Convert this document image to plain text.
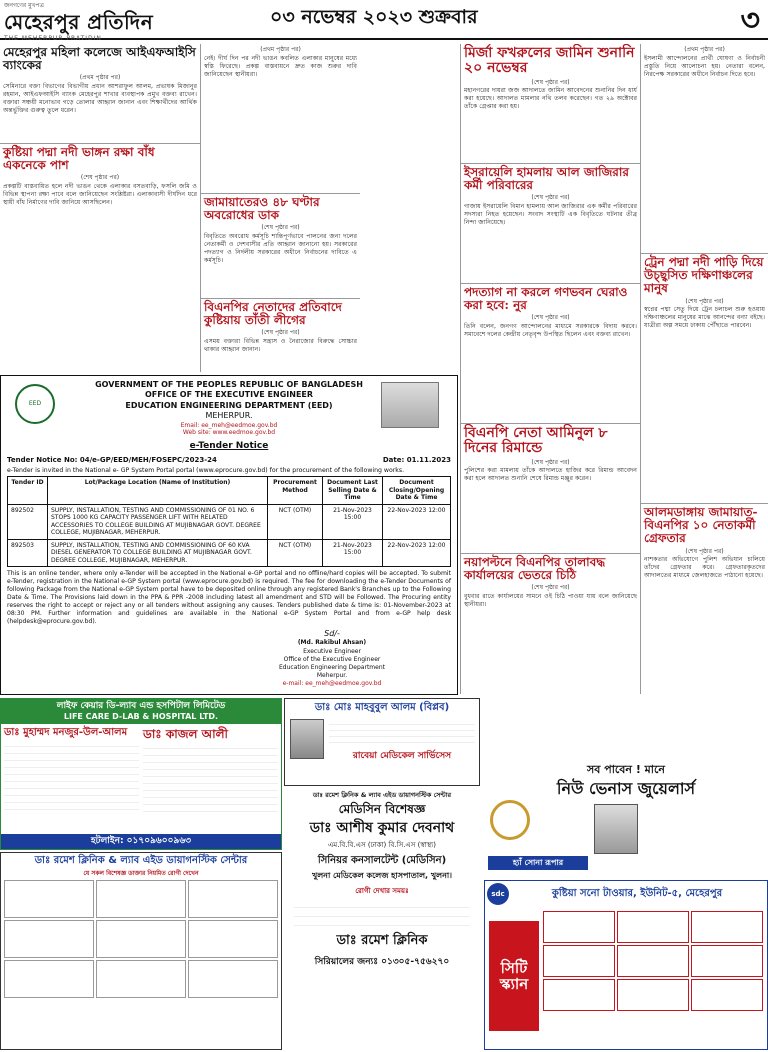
জনগণের মুখপত্র
মেহেরপুর প্রতিদিন
THE MEHERPUR PRATIDIN
০৩ নভেম্বর ২০২৩ শুক্রবার	৩
মেহেরপুর মহিলা কলেজে আইএফআইসি ব্যাংকের
(প্রথম পৃষ্ঠার পর)
সেমিনারে বক্তা বিভাগের বিভাগীয় প্রধান আশরাফুল আলম, প্রভাষক মিজানুর রহমান, আইএফআইসি ব্যাংক মেহেরপুর শাখার ব্যবস্থাপক প্রমুখ বক্তব্য রাখেন। বক্তারা সঞ্চয়ী মনোভাব গড়ে তোলার আহ্বান জানান এবং শিক্ষার্থীদের আর্থিক অন্তর্ভুক্তির গুরুত্ব তুলে ধরেন।
কুষ্টিয়া পদ্মা নদী ভাঙ্গন রক্ষা বাঁধ একনেকে পাশ
(শেষ পৃষ্ঠার পর)
প্রকল্পটি বাস্তবায়িত হলে নদী ভাঙন থেকে এলাকার বসতবাড়ি, ফসলি জমি ও বিভিন্ন স্থাপনা রক্ষা পাবে বলে জানিয়েছেন সংশ্লিষ্টরা। এলাকাবাসী দীর্ঘদিন ধরে স্থায়ী বাঁধ নির্মাণের দাবি জানিয়ে আসছিলেন।
(প্রথম পৃষ্ঠার পর)
নেই। দীর্ঘ দিন পর নদী ভাঙন কবলিত এলাকার মানুষের মধ্যে স্বস্তি ফিরেছে। প্রকল্প বাস্তবায়নে দ্রুত কাজ শুরুর দাবি জানিয়েছেন স্থানীয়রা।
জামায়াতেরও ৪৮ ঘণ্টার অবরোধের ডাক
(শেষ পৃষ্ঠার পর)
বিবৃতিতে অবরোধ কর্মসূচি শান্তিপূর্ণভাবে পালনের জন্য দলের নেতাকর্মী ও দেশবাসীর প্রতি আহ্বান জানানো হয়। সরকারের পদত্যাগ ও নির্দলীয় সরকারের অধীনে নির্বাচনের দাবিতে এ কর্মসূচি।
বিএনপির নেতাদের প্রতিবাদে কুষ্টিয়ায় তাঁতী লীগের
(শেষ পৃষ্ঠার পর)
এসময় বক্তারা বিভিন্ন সন্ত্রাস ও নৈরাজ্যের বিরুদ্ধে সোচ্চার থাকার আহ্বান জানান।
মির্জা ফখরুলের জামিন শুনানি ২০ নভেম্বর
(শেষ পৃষ্ঠার পর)
মহানগরের দায়রা জজ আদালতে জামিন আবেদনের শুনানির দিন ধার্য করা হয়েছে। আদালত মামলার নথি তলব করেছেন। গত ২৯ অক্টোবর তাঁকে গ্রেপ্তার করা হয়।
ইসরায়েলি হামলায় আল জাজিরার কর্মী পরিবারের
(শেষ পৃষ্ঠার পর)
গাজায় ইসরায়েলি বিমান হামলায় আল জাজিরার এক কর্মীর পরিবারের সদস্যরা নিহত হয়েছেন। সংবাদ সংস্থাটি এক বিবৃতিতে ঘটনার তীব্র নিন্দা জানিয়েছে।
পদত্যাগ না করলে গণভবন ঘেরাও করা হবে: নুর
(শেষ পৃষ্ঠার পর)
তিনি বলেন, জনগণ আন্দোলনের মাধ্যমে সরকারকে বিদায় করবে। সমাবেশে দলের কেন্দ্রীয় নেতৃবৃন্দ উপস্থিত ছিলেন এবং বক্তব্য রাখেন।
বিএনপি নেতা আমিনুল ৮ দিনের রিমান্ডে
(শেষ পৃষ্ঠার পর)
পুলিশের করা মামলায় তাঁকে আদালতে হাজির করে রিমান্ড আবেদন করা হলে আদালত শুনানি শেষে রিমান্ড মঞ্জুর করেন।
নয়াপল্টনে বিএনপির তালাবদ্ধ কার্যালয়ের ভেতরে চিঠি
(শেষ পৃষ্ঠার পর)
বুধবার রাতে কার্যালয়ের সামনে ওই চিঠি পাওয়া যায় বলে জানিয়েছে স্থানীয়রা।
(প্রথম পৃষ্ঠার পর)
ইসলামী আন্দোলনের প্রার্থী ঘোষণা ও নির্বাচনী প্রস্তুতি নিয়ে আলোচনা হয়। নেতারা বলেন, নিরপেক্ষ সরকারের অধীনে নির্বাচন দিতে হবে।
ট্রেন পদ্মা নদী পাড়ি দিয়ে উচ্ছ্বসিত দক্ষিণাঞ্চলের মানুষ
(শেষ পৃষ্ঠার পর)
স্বপ্নের পদ্মা সেতু দিয়ে ট্রেন চলাচল শুরু হওয়ায় দক্ষিণাঞ্চলের মানুষের মাঝে আনন্দের বন্যা বইছে। যাত্রীরা অল্প সময়ে ঢাকায় পৌঁছাতে পারবেন।
আলমডাঙ্গায় জামায়াত-বিএনপির ১০ নেতাকর্মী গ্রেফতার
(শেষ পৃষ্ঠার পর)
নাশকতার অভিযোগে পুলিশ অভিযান চালিয়ে তাঁদের গ্রেফতার করে। গ্রেফতারকৃতদের আদালতের মাধ্যমে জেলহাজতে পাঠানো হয়েছে।
EED
GOVERNMENT OF THE PEOPLES REPUBLIC OF BANGLADESH
OFFICE OF THE EXECUTIVE ENGINEER
EDUCATION ENGINEERING DEPARTMENT (EED)
MEHERPUR.
Email: ee_meh@eedmoe.gov.bd
Web site: www.eedmoe.gov.bd
e-Tender Notice
Tender Notice No: 04/e-GP/EED/MEH/FOSEPC/2023-24	Date: 01.11.2023
e-Tender is invited in the National e- GP System Portal portal (www.eprocure.gov.bd) for the procurement of the following works.
Tender ID	Lot/Package Location (Name of Institution)	Procurement Method	Document Last Selling Date & Time	Document Closing/Opening Date & Time
892502	SUPPLY, INSTALLATION, TESTING AND COMMISSIONING OF 01 NO. 6 STOPS 1000 KG CAPACITY PASSENGER LIFT WITH RELATED ACCESSORIES TO COLLEGE BUILDING AT MUJIBNAGAR GOVT. DEGREE COLLEGE, MUJIBNAGAR, MEHERPUR.	NCT (OTM)	21-Nov-2023 15:00	22-Nov-2023 12:00
892503	SUPPLY, INSTALLATION, TESTING AND COMMISSIONING OF 60 KVA DIESEL GENERATOR TO COLLEGE BUILDING AT MUJIBNAGAR GOVT. DEGREE COLLEGE, MUJIBNAGAR, MEHERPUR.	NCT (OTM)	21-Nov-2023 15:00	22-Nov-2023 12:00
This is an online tender, where only e-Tender will be accepted in the National e-GP portal and no offline/hard copies will be accepted. To submit e-Tender, registration in the National e-GP System portal (www.eprocure.gov.bd) is required. The fee for downloading the e-Tender Documents of following Package from the National e-GP System portal have to be deposited online through any registered Bank's Branches up to the Following Date & Time. The Provisions laid down in the PPA & PPR -2008 including latest all amendment and STD will be Followed. The Procuring entity reserves the right to accept or reject any or all tenders without assigning any causes. Tenders published date & time is: 01-November-2023 at 08:30 PM. Further information and guidelines are available in the National e-GP System Portal and from e-GP help desk (helpdesk@eprocure.gov.bd).
Sd/-
(Md. Rakibul Ahsan)
Executive Engineer
Office of the Executive Engineer
Education Engineering Department
Meherpur.
e-mail: ee_meh@eedmoe.gov.bd
লাইফ কেয়ার ডি-ল্যাব এন্ড হসপিটাল লিমিটেড
LIFE CARE D-LAB & HOSPITAL LTD.
ডাঃ মুহাম্মদ মনজুর-উল-আলম	ডাঃ কাজল আলী
হটলাইন: ০১৭০৯৬০০৯৬৩
ডাঃ রমেশ ক্লিনিক & ল্যাব এইড ডায়াগনস্টিক সেন্টার
যে সকল বিশেষজ্ঞ ডাক্তার নিয়মিত রোগী দেখেন
ডাঃ মোঃ মাহবুবুল আলম (বিপ্লব)
রাবেয়া মেডিকেল সার্ভিসেস
ডাঃ রমেশ ক্লিনিক & ল্যাব এইড ডায়াগনস্টিক সেন্টার
মেডিসিন বিশেষজ্ঞ
ডাঃ আশীষ কুমার দেবনাথ
এম.বি.বি.এস (ঢাকা) বি.সি.এস (স্বাস্থ্য)
সিনিয়র কনসালটেন্ট (মেডিসিন)
খুলনা মেডিকেল কলেজ হাসপাতাল, খুলনা।
রোগী দেখার সময়ঃ
ডাঃ রমেশ ক্লিনিক
সিরিয়ালের জন্যঃ ০১৩০৫-৭৫৬২৭০
সব পাবেন ! মানে
নিউ ভেনাস জুয়েলার্স
হ্যাঁ সোনা রূপার
sdc	কুষ্টিয়া সনো টাওয়ার, ইউনিট-৫, মেহেরপুর
সিটি স্ক্যান
